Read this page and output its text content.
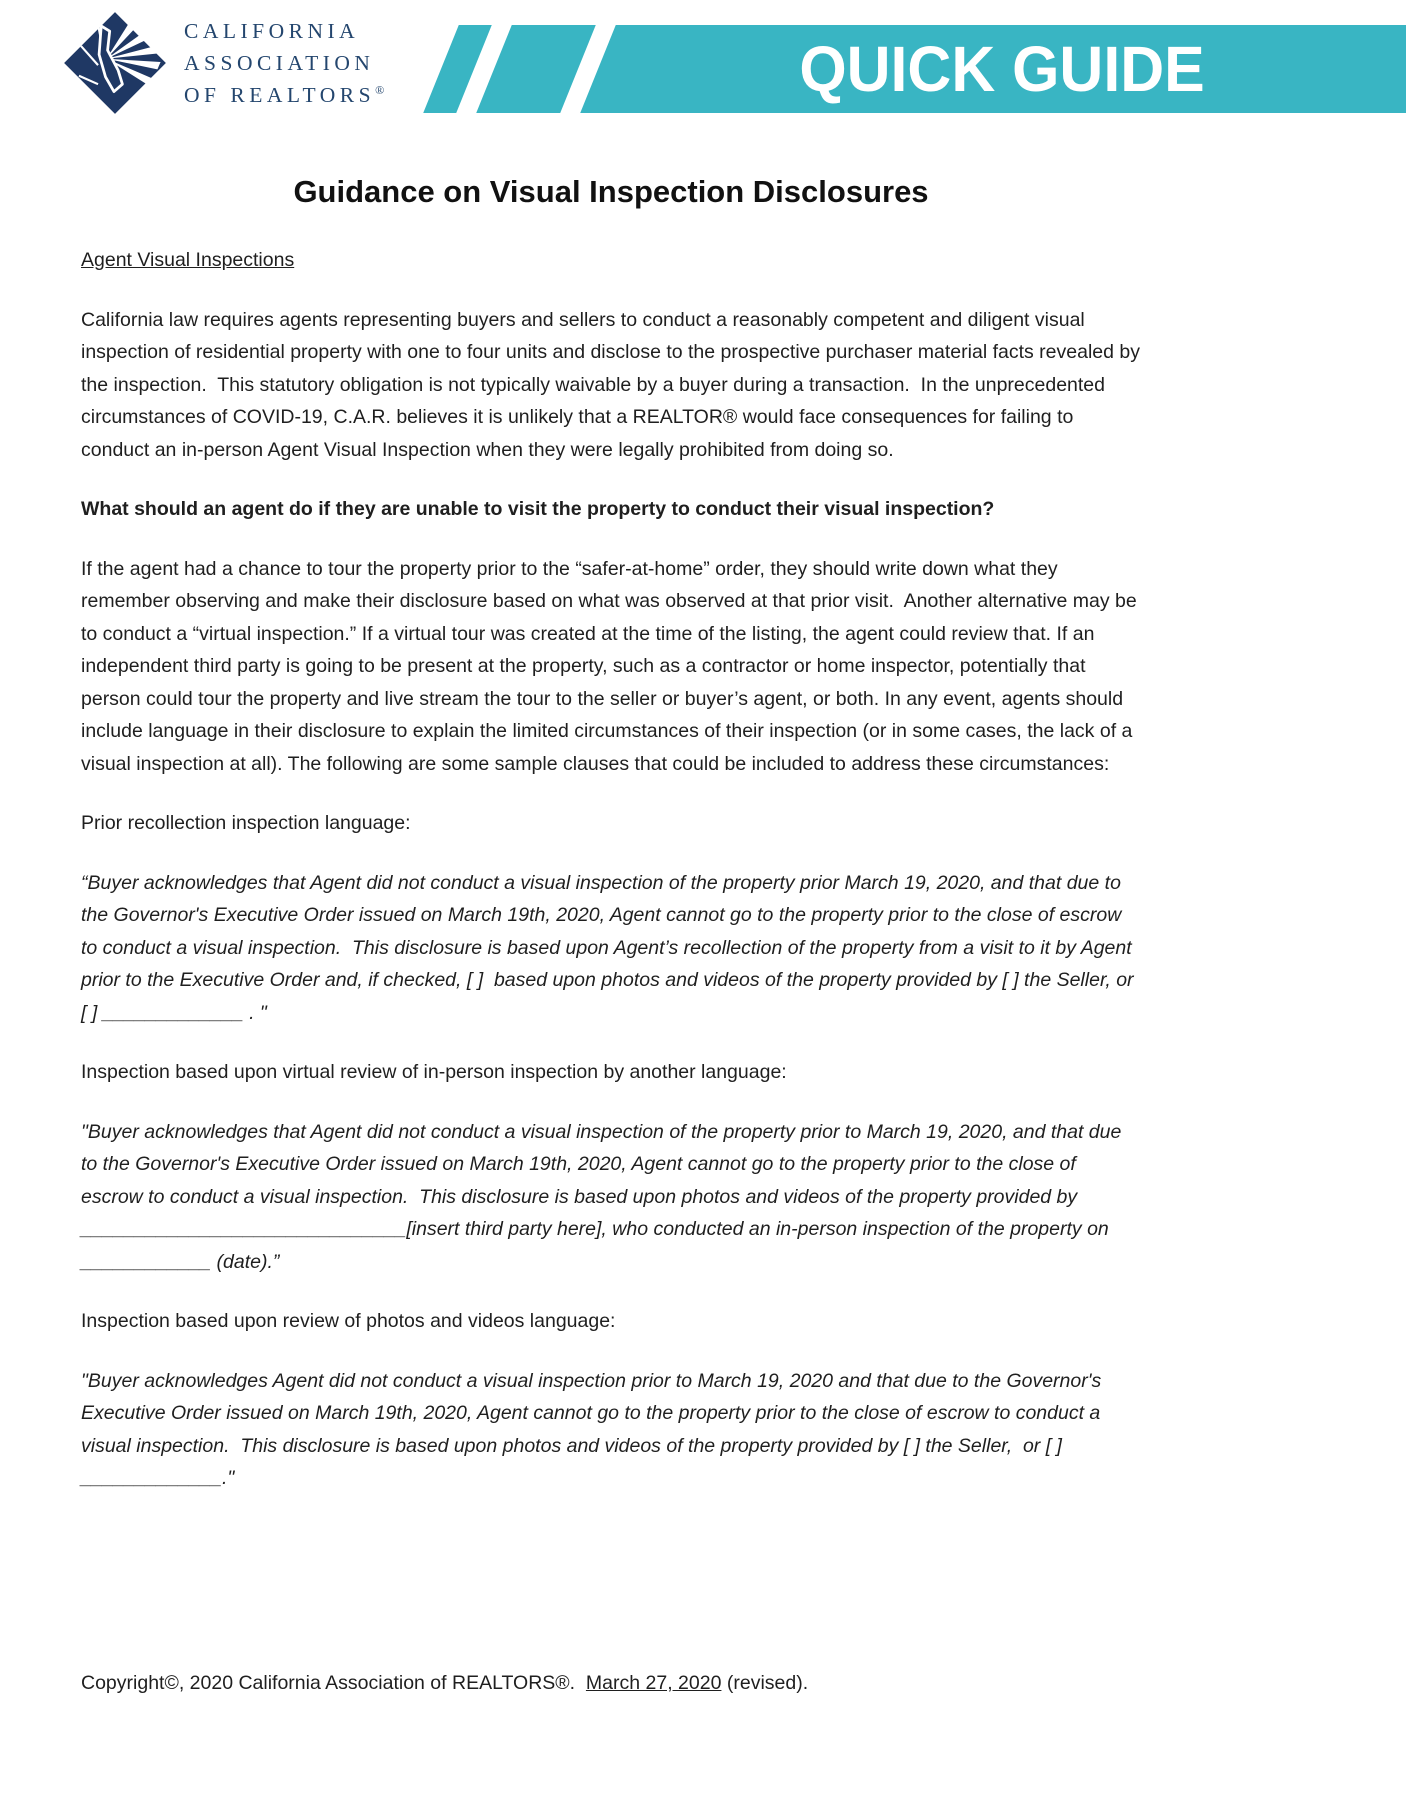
CALIFORNIA
ASSOCIATION
OF REALTORS®	QUICK GUIDE
Guidance on Visual Inspection Disclosures

Agent Visual Inspections

California law requires agents representing buyers and sellers to conduct a reasonably competent and diligent visual inspection of residential property with one to four units and disclose to the prospective purchaser material facts revealed by the inspection.  This statutory obligation is not typically waivable by a buyer during a transaction.  In the unprecedented circumstances of COVID-19, C.A.R. believes it is unlikely that a REALTOR® would face consequences for failing to conduct an in-person Agent Visual Inspection when they were legally prohibited from doing so.

What should an agent do if they are unable to visit the property to conduct their visual inspection?

If the agent had a chance to tour the property prior to the “safer-at-home” order, they should write down what they remember observing and make their disclosure based on what was observed at that prior visit.  Another alternative may be to conduct a “virtual inspection.” If a virtual tour was created at the time of the listing, the agent could review that. If an independent third party is going to be present at the property, such as a contractor or home inspector, potentially that person could tour the property and live stream the tour to the seller or buyer’s agent, or both. In any event, agents should include language in their disclosure to explain the limited circumstances of their inspection (or in some cases, the lack of a visual inspection at all). The following are some sample clauses that could be included to address these circumstances:

Prior recollection inspection language:

“Buyer acknowledges that Agent did not conduct a visual inspection of the property prior March 19, 2020, and that due to the Governor's Executive Order issued on March 19th, 2020, Agent cannot go to the property prior to the close of escrow to conduct a visual inspection.  This disclosure is based upon Agent’s recollection of the property from a visit to it by Agent prior to the Executive Order and, if checked, [ ]  based upon photos and videos of the property provided by [ ] the Seller, or [ ] _____________ . "

Inspection based upon virtual review of in-person inspection by another language:

"Buyer acknowledges that Agent did not conduct a visual inspection of the property prior to March 19, 2020, and that due to the Governor's Executive Order issued on March 19th, 2020, Agent cannot go to the property prior to the close of escrow to conduct a visual inspection.  This disclosure is based upon photos and videos of the property provided by ______________________________[insert third party here], who conducted an in-person inspection of the property on ____________ (date).”

Inspection based upon review of photos and videos language:

"Buyer acknowledges Agent did not conduct a visual inspection prior to March 19, 2020 and that due to the Governor's Executive Order issued on March 19th, 2020, Agent cannot go to the property prior to the close of escrow to conduct a visual inspection.  This disclosure is based upon photos and videos of the property provided by [ ] the Seller,  or [ ] _____________."

Copyright©, 2020 California Association of REALTORS®.  March 27, 2020 (revised).
